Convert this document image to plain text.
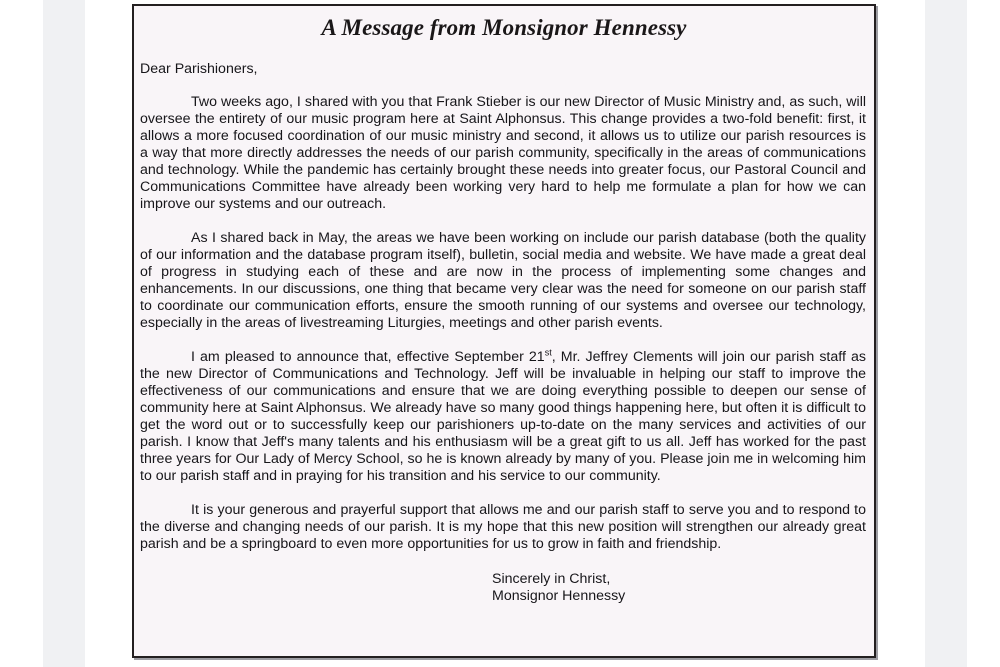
A Message from Monsignor Hennessy
Dear Parishioners,

Two weeks ago, I shared with you that Frank Stieber is our new Director of Music Ministry and, as such, will oversee the entirety of our music program here at Saint Alphonsus. This change provides a two-fold benefit: first, it allows a more focused coordination of our music ministry and second, it allows us to utilize our parish resources is a way that more directly addresses the needs of our parish community, specifically in the areas of communications and technology. While the pandemic has certainly brought these needs into greater focus, our Pastoral Council and Communications Committee have already been working very hard to help me formulate a plan for how we can improve our systems and our outreach.

As I shared back in May, the areas we have been working on include our parish database (both the quality of our information and the database program itself), bulletin, social media and website. We have made a great deal of progress in studying each of these and are now in the process of implementing some changes and enhancements. In our discussions, one thing that became very clear was the need for someone on our parish staff to coordinate our communication efforts, ensure the smooth running of our systems and oversee our technology, especially in the areas of livestreaming Liturgies, meetings and other parish events.

I am pleased to announce that, effective September 21st, Mr. Jeffrey Clements will join our parish staff as the new Director of Communications and Technology. Jeff will be invaluable in helping our staff to improve the effectiveness of our communications and ensure that we are doing everything possible to deepen our sense of community here at Saint Alphonsus. We already have so many good things happening here, but often it is difficult to get the word out or to successfully keep our parishioners up-to-date on the many services and activities of our parish. I know that Jeff's many talents and his enthusiasm will be a great gift to us all. Jeff has worked for the past three years for Our Lady of Mercy School, so he is known already by many of you. Please join me in welcoming him to our parish staff and in praying for his transition and his service to our community.

It is your generous and prayerful support that allows me and our parish staff to serve you and to respond to the diverse and changing needs of our parish. It is my hope that this new position will strengthen our already great parish and be a springboard to even more opportunities for us to grow in faith and friendship.

Sincerely in Christ,
Monsignor Hennessy
